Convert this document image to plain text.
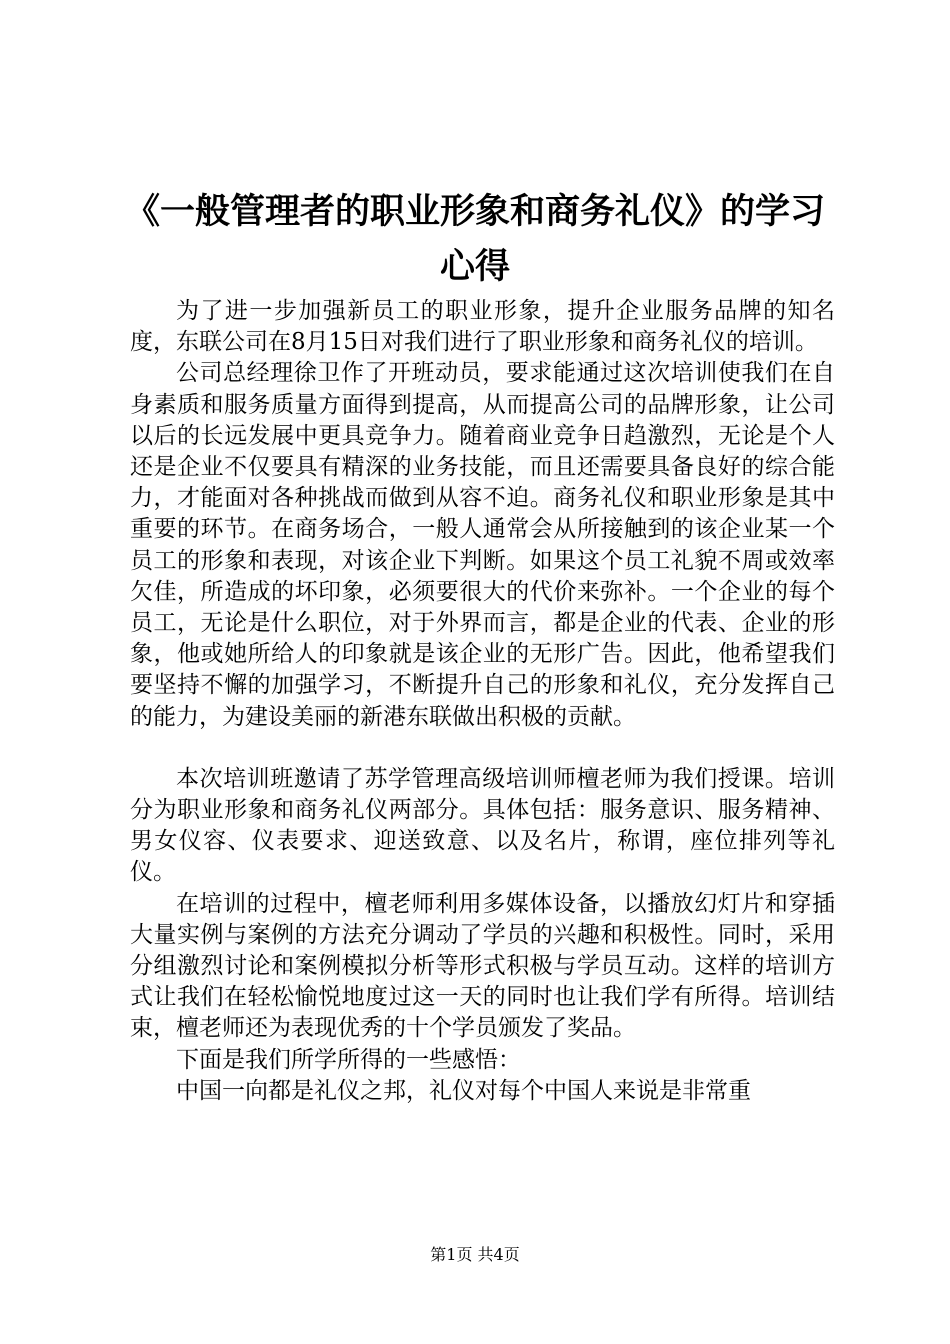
《一般管理者的职业形象和商务礼仪》的学习
心得

为了进一步加强新员工的职业形象，提升企业服务品牌的知名度，东联公司在8月15日对我们进行了职业形象和商务礼仪的培训。

公司总经理徐卫作了开班动员，要求能通过这次培训使我们在自身素质和服务质量方面得到提高，从而提高公司的品牌形象，让公司以后的长远发展中更具竞争力。随着商业竞争日趋激烈，无论是个人还是企业不仅要具有精深的业务技能，而且还需要具备良好的综合能力，才能面对各种挑战而做到从容不迫。商务礼仪和职业形象是其中重要的环节。在商务场合，一般人通常会从所接触到的该企业某一个员工的形象和表现，对该企业下判断。如果这个员工礼貌不周或效率欠佳，所造成的坏印象，必须要很大的代价来弥补。一个企业的每个员工，无论是什么职位，对于外界而言，都是企业的代表、企业的形象，他或她所给人的印象就是该企业的无形广告。因此，他希望我们要坚持不懈的加强学习，不断提升自己的形象和礼仪，充分发挥自己的能力，为建设美丽的新港东联做出积极的贡献。

本次培训班邀请了苏学管理高级培训师檀老师为我们授课。培训分为职业形象和商务礼仪两部分。具体包括：服务意识、服务精神、男女仪容、仪表要求、迎送致意、以及名片，称谓，座位排列等礼仪。

在培训的过程中，檀老师利用多媒体设备，以播放幻灯片和穿插大量实例与案例的方法充分调动了学员的兴趣和积极性。同时，采用分组激烈讨论和案例模拟分析等形式积极与学员互动。这样的培训方式让我们在轻松愉悦地度过这一天的同时也让我们学有所得。培训结束，檀老师还为表现优秀的十个学员颁发了奖品。

下面是我们所学所得的一些感悟：

中国一向都是礼仪之邦，礼仪对每个中国人来说是非常重

第1页 共4页
